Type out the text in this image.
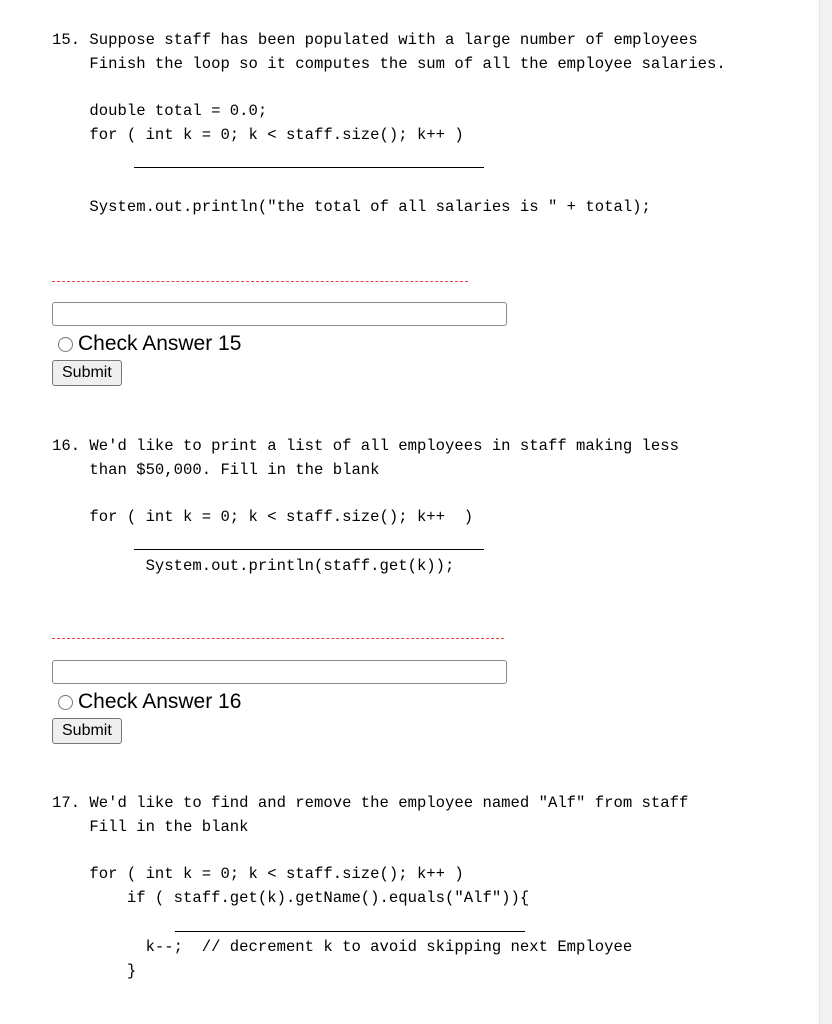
15. Suppose staff has been populated with a large number of employees
Finish the loop so it computes the sum of all the employee salaries.
double total = 0.0;
for ( int k = 0; k < staff.size(); k++ )
System.out.println("the total of all salaries is " + total);
Check Answer 15
Submit
16. We'd like to print a list of all employees in staff making less
than $50,000. Fill in the blank
for ( int k = 0; k < staff.size(); k++  )
System.out.println(staff.get(k));
Check Answer 16
Submit
17. We'd like to find and remove the employee named "Alf" from staff
Fill in the blank
for ( int k = 0; k < staff.size(); k++ )
if ( staff.get(k).getName().equals("Alf")){
k--;  // decrement k to avoid skipping next Employee
}
